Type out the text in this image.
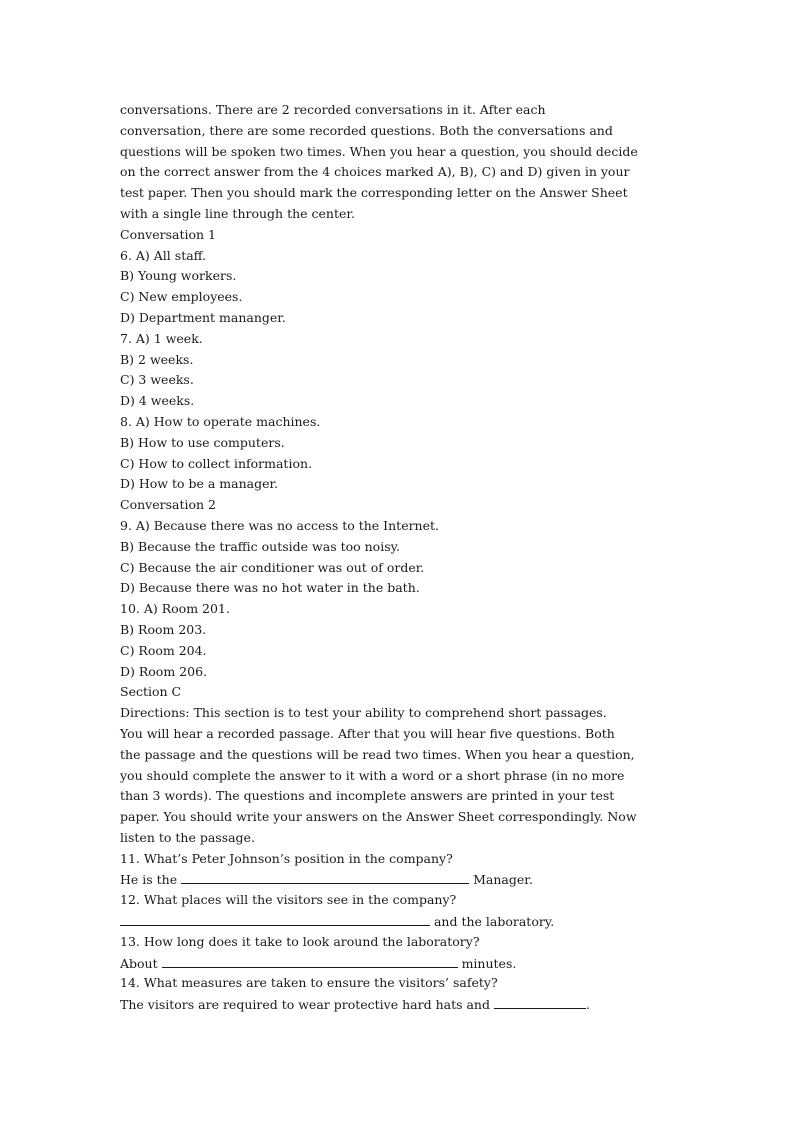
conversations. There are 2 recorded conversations in it. After each
conversation, there are some recorded questions. Both the conversations and
questions will be spoken two times. When you hear a question, you should decide
on the correct answer from the 4 choices marked A), B), C) and D) given in your
test paper. Then you should mark the corresponding letter on the Answer Sheet
with a single line through the center.
Conversation 1
6. A) All staff.
B) Young workers.
C) New employees.
D) Department mananger.
7. A) 1 week.
B) 2 weeks.
C) 3 weeks.
D) 4 weeks.
8. A) How to operate machines.
B) How to use computers.
C) How to collect information.
D) How to be a manager.
Conversation 2
9. A) Because there was no access to the Internet.
B) Because the traffic outside was too noisy.
C) Because the air conditioner was out of order.
D) Because there was no hot water in the bath.
10. A) Room 201.
B) Room 203.
C) Room 204.
D) Room 206.
Section C
Directions: This section is to test your ability to comprehend short passages.
You will hear a recorded passage. After that you will hear five questions. Both
the passage and the questions will be read two times. When you hear a question,
you should complete the answer to it with a word or a short phrase (in no more
than 3 words). The questions and incomplete answers are printed in your test
paper. You should write your answers on the Answer Sheet correspondingly. Now
listen to the passage.
11. What’s Peter Johnson’s position in the company?
He is the	Manager.
12. What places will the visitors see in the company?
and the laboratory.
13. How long does it take to look around the laboratory?
About	minutes.
14. What measures are taken to ensure the visitors’ safety?
The visitors are required to wear protective hard hats and	.
